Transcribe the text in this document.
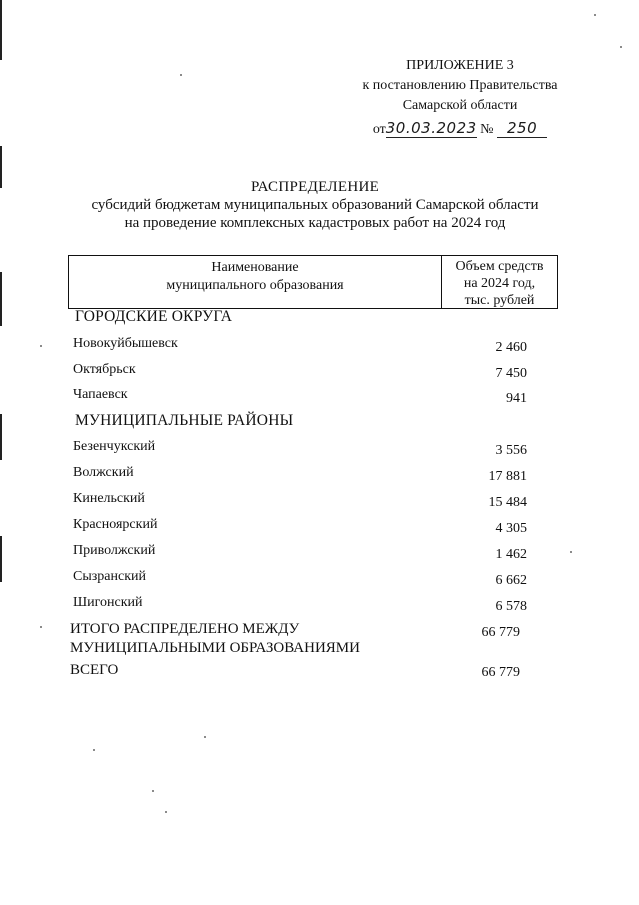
ПРИЛОЖЕНИЕ 3
к постановлению Правительства
Самарской области
от30.03.2023 № 250
РАСПРЕДЕЛЕНИЕ
субсидий бюджетам муниципальных образований Самарской области
на проведение комплексных кадастровых работ на 2024 год
Наименование
муниципального образования
Объем средств
на 2024 год,
тыс. рублей
ГОРОДСКИЕ ОКРУГА
Новокуйбышевск	2 460
Октябрьск	7 450
Чапаевск	941
МУНИЦИПАЛЬНЫЕ РАЙОНЫ
Безенчукский	3 556
Волжский	17 881
Кинельский	15 484
Красноярский	4 305
Приволжский	1 462
Сызранский	6 662
Шигонский	6 578
ИТОГО РАСПРЕДЕЛЕНО МЕЖДУ
МУНИЦИПАЛЬНЫМИ ОБРАЗОВАНИЯМИ
66 779
ВСЕГО	66 779
